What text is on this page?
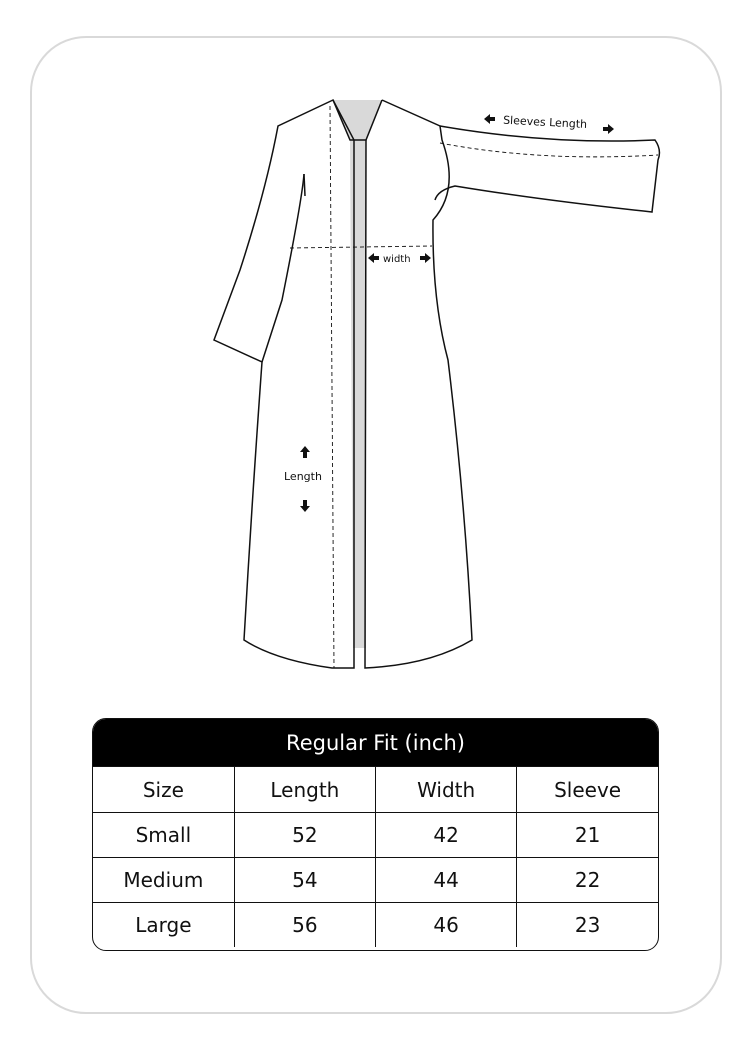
Sleeves Length
width
Length
Regular Fit (inch)
Size	Length	Width	Sleeve
Small	52	42	21
Medium	54	44	22
Large	56	46	23
